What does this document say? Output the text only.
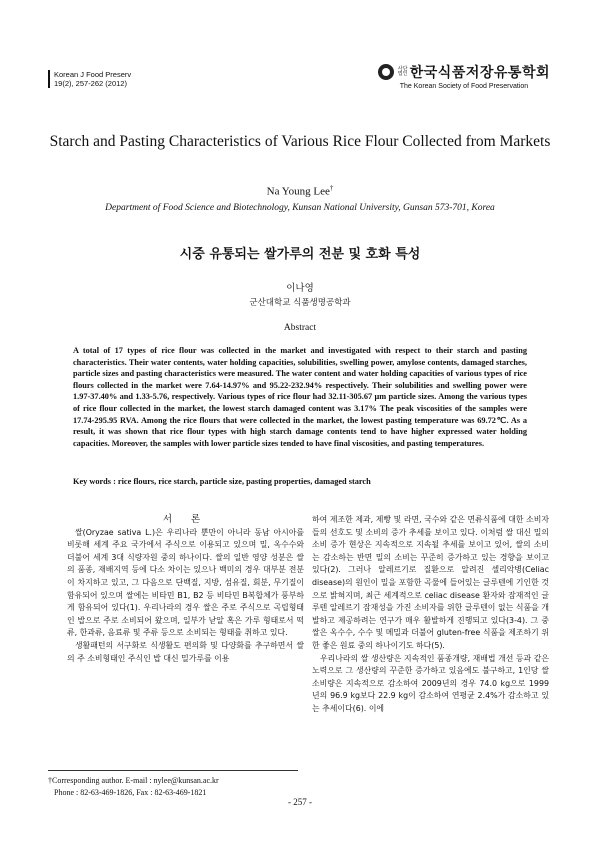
Korean J Food Preserv
19(2), 257-262 (2012)
사단 법인 한국식품저장유통학회
The Korean Society of Food Preservation
Starch and Pasting Characteristics of Various Rice Flour Collected from Markets
Na Young Lee†
Department of Food Science and Biotechnology, Kunsan National University, Gunsan 573-701, Korea
시중 유통되는 쌀가루의 전분 및 호화 특성
이나영
군산대학교 식품생명공학과
Abstract
A total of 17 types of rice flour was collected in the market and investigated with respect to their starch and pasting characteristics. Their water contents, water holding capacities, solubilities, swelling power, amylose contents, damaged starches, particle sizes and pasting characteristics were measured. The water content and water holding capacities of various types of rice flours collected in the market were 7.64-14.97% and 95.22-232.94% respectively. Their solubilities and swelling power were 1.97-37.40% and 1.33-5.76, respectively. Various types of rice flour had 32.11-305.67 μm particle sizes. Among the various types of rice flour collected in the market, the lowest starch damaged content was 3.17% The peak viscosities of the samples were 17.74-295.95 RVA. Among the rice flours that were collected in the market, the lowest pasting temperature was 69.72℃. As a result, it was shown that rice flour types with high starch damage contents tend to have higher expressed water holding capacities. Moreover, the samples with lower particle sizes tended to have final viscosities, and pasting temperatures.
Key words : rice flours, rice starch, particle size, pasting properties, damaged starch

서 론

쌀(Oryzae sativa L.)은 우리나라 뿐만이 아니라 동남 아시아를 비롯해 세계 주요 국가에서 주식으로 이용되고 있으며 밀, 옥수수와 더불어 세계 3대 식량자원 중의 하나이다. 쌀의 일반 영양 성분은 쌀의 품종, 재배지역 등에 다소 차이는 있으나 백미의 경우 대부분 전분이 차지하고 있고, 그 다음으로 단백질, 지방, 섬유질, 회분, 무기질이 함유되어 있으며 쌀에는 비타민 B1, B2 등 비타민 B복합체가 풍부하게 함유되어 있다(1). 우리나라의 경우 쌀은 주로 주식으로 곡립형태인 밥으로 주로 소비되어 왔으며, 일부가 낟알 혹은 가루 형태로서 떡류, 한과류, 음료류 및 주류 등으로 소비되는 형태를 취하고 있다.

생활패턴의 서구화로 식생활도 편의화 및 다양화를 추구하면서 쌀의 주 소비형태인 주식인 밥 대신 밀가루를 이용

하여 제조한 제과, 제빵 및 라면, 국수와 같은 면류식품에 대한 소비자들의 선호도 및 소비의 증가 추세를 보이고 있다. 이처럼 쌀 대신 밀의 소비 증가 현상은 지속적으로 지속될 추세를 보이고 있어, 쌀의 소비는 감소하는 반면 밀의 소비는 꾸준히 증가하고 있는 경향을 보이고 있다(2). 그러나 알레르기로 질환으로 알려진 셀리악병(Celiac disease)의 원인이 밀을 포함한 곡물에 들어있는 글루텐에 기인한 것으로 밝혀지며, 최근 세계적으로 celiac disease 환자와 잠재적인 글루텐 알레르기 잠재성을 가진 소비자를 위한 글루텐이 없는 식품을 개발하고 제공하려는 연구가 매우 활발하게 진행되고 있다(3-4). 그 중 쌀은 옥수수, 수수 및 메밀과 더불어 gluten-free 식품을 제조하기 위한 좋은 원료 중의 하나이기도 하다(5).

우리나라의 쌀 생산량은 지속적인 품종개량, 재배법 개선 등과 같은 노력으로 그 생산량의 꾸준한 증가하고 있음에도 불구하고, 1인당 쌀 소비량은 지속적으로 감소하여 2009년의 경우 74.0 kg으로 1999년의 96.9 kg보다 22.9 kg이 감소하여 연평균 2.4%가 감소하고 있는 추세이다(6). 이에

†Corresponding author. E-mail : nylee@kunsan.ac.kr
Phone : 82-63-469-1826, Fax : 82-63-469-1821
- 257 -
